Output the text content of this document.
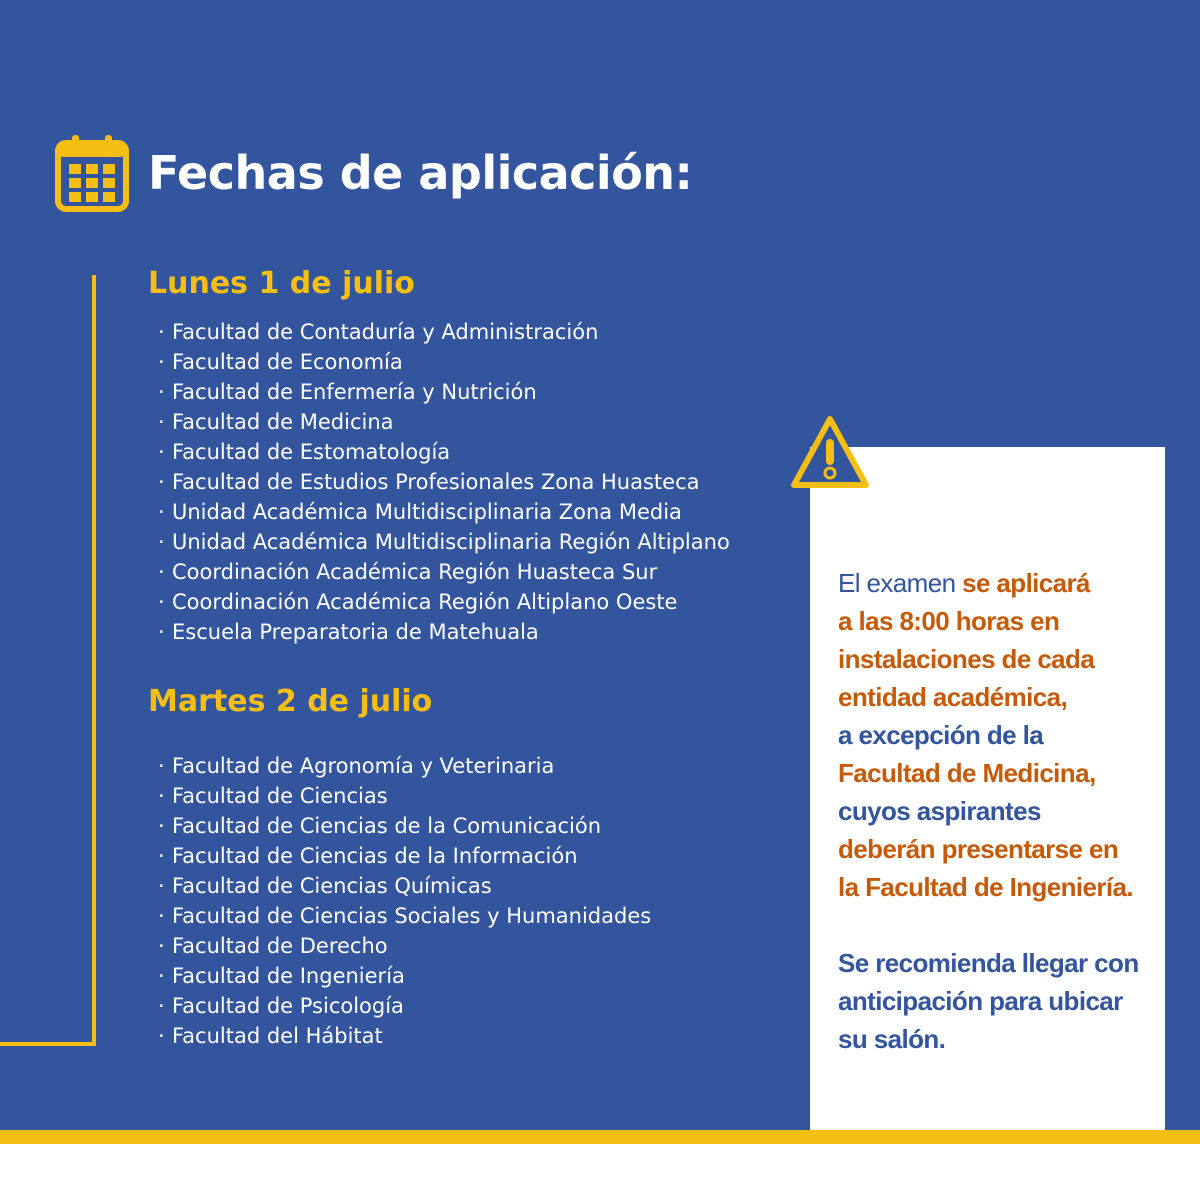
Fechas de aplicación:
Lunes 1 de julio
· Facultad de Contaduría y Administración
· Facultad de Economía
· Facultad de Enfermería y Nutrición
· Facultad de Medicina
· Facultad de Estomatología
· Facultad de Estudios Profesionales Zona Huasteca
· Unidad Académica Multidisciplinaria Zona Media
· Unidad Académica Multidisciplinaria Región Altiplano
· Coordinación Académica Región Huasteca Sur
· Coordinación Académica Región Altiplano Oeste
· Escuela Preparatoria de Matehuala
Martes 2 de julio
· Facultad de Agronomía y Veterinaria
· Facultad de Ciencias
· Facultad de Ciencias de la Comunicación
· Facultad de Ciencias de la Información
· Facultad de Ciencias Químicas
· Facultad de Ciencias Sociales y Humanidades
· Facultad de Derecho
· Facultad de Ingeniería
· Facultad de Psicología
· Facultad del Hábitat

El examen se aplicará
a las 8:00 horas en
instalaciones de cada
entidad académica,
a excepción de la
Facultad de Medicina,
cuyos aspirantes
deberán presentarse en
la Facultad de Ingeniería.
Se recomienda llegar con
anticipación para ubicar
su salón.
